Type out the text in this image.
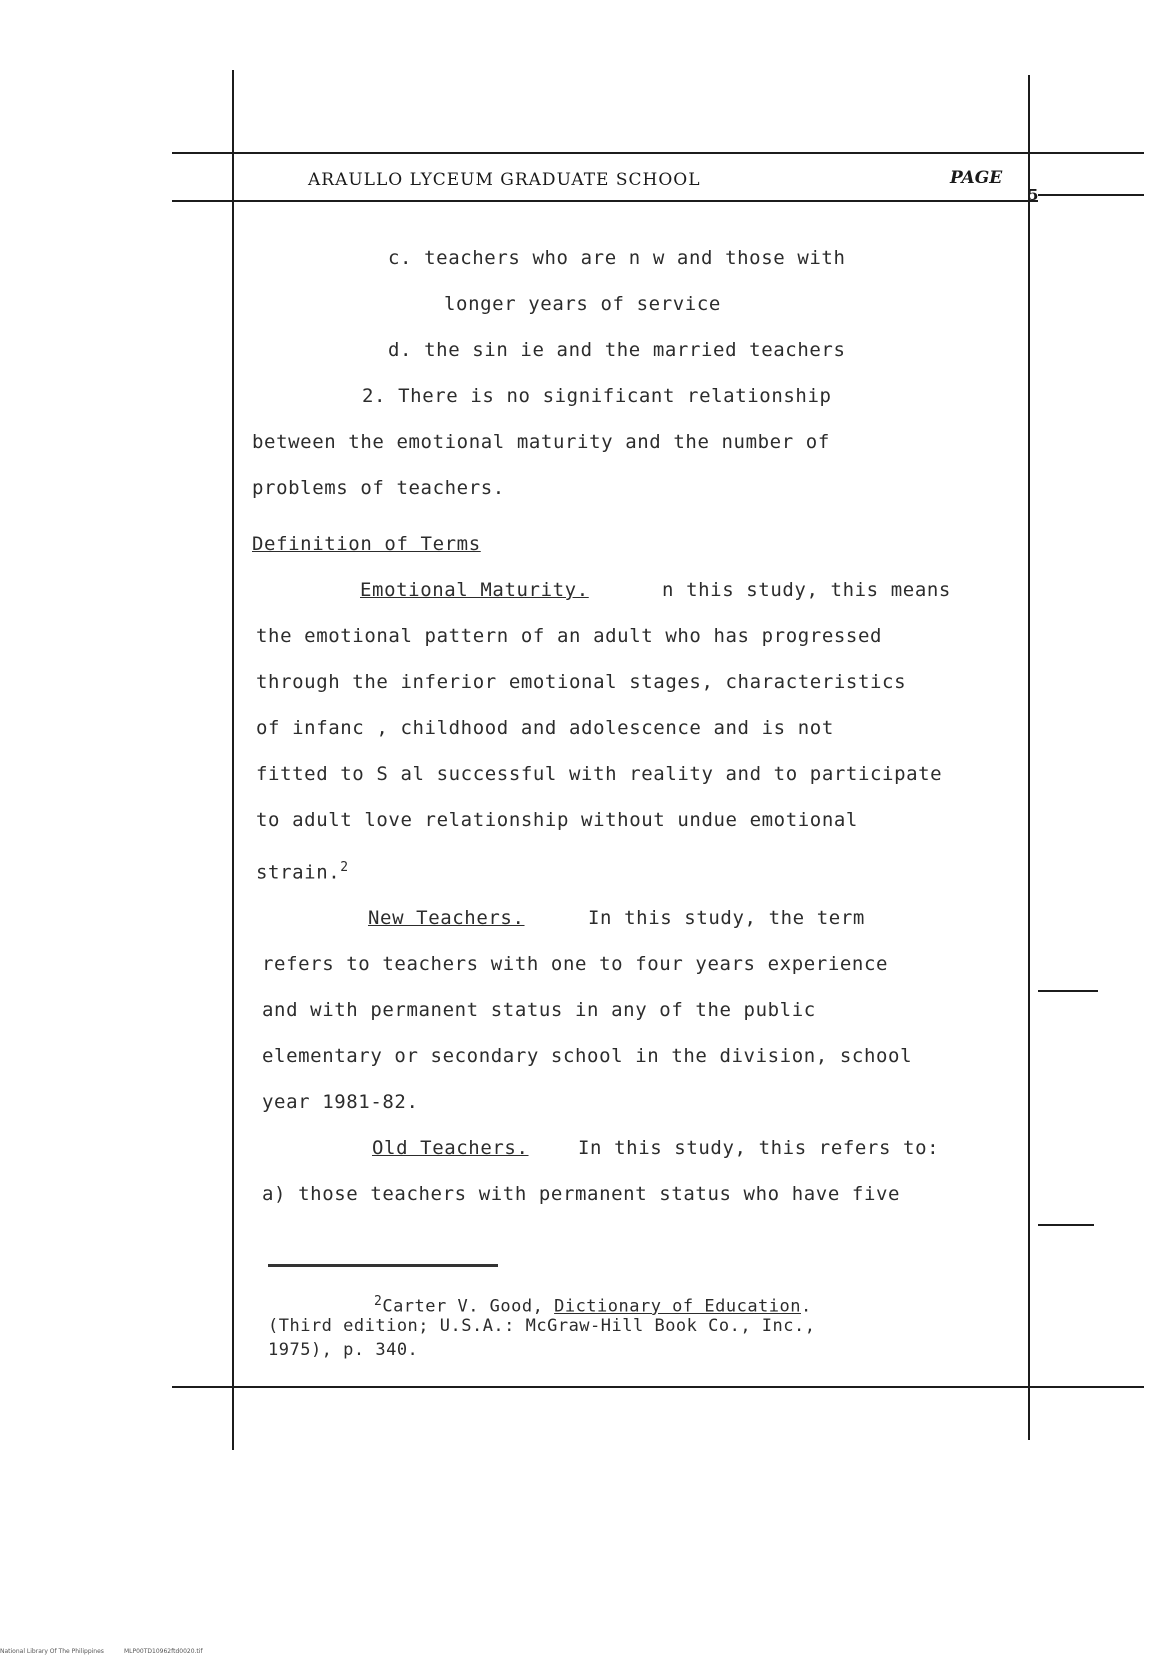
ARAULLO LYCEUM GRADUATE SCHOOL	PAGE
5
c. teachers who are n w and those with
longer years of service
d. the sin ie and the married teachers
2. There is no significant relationship
between the emotional maturity and the number of
problems of teachers.
Definition of Terms
Emotional Maturity.	n this study, this means
the emotional pattern of an adult who has progressed
through the inferior emotional stages, characteristics
of infanc , childhood and adolescence and is not
fitted to S al successful with reality and to participate
to adult love relationship without undue emotional
strain.$^2$
New Teachers.	In this study, the term
refers to teachers with one to four years experience
and with permanent status in any of the public
elementary or secondary school in the division, school
year 1981-82.
Old Teachers.	In this study, this refers to:
a) those teachers with permanent status who have five
$^2$Carter V. Good, Dictionary of Education.
(Third edition; U.S.A.: McGraw-Hill Book Co., Inc.,
1975), p. 340.
National Library Of The Philippines	MLP00TD10962ftd0020.tif
